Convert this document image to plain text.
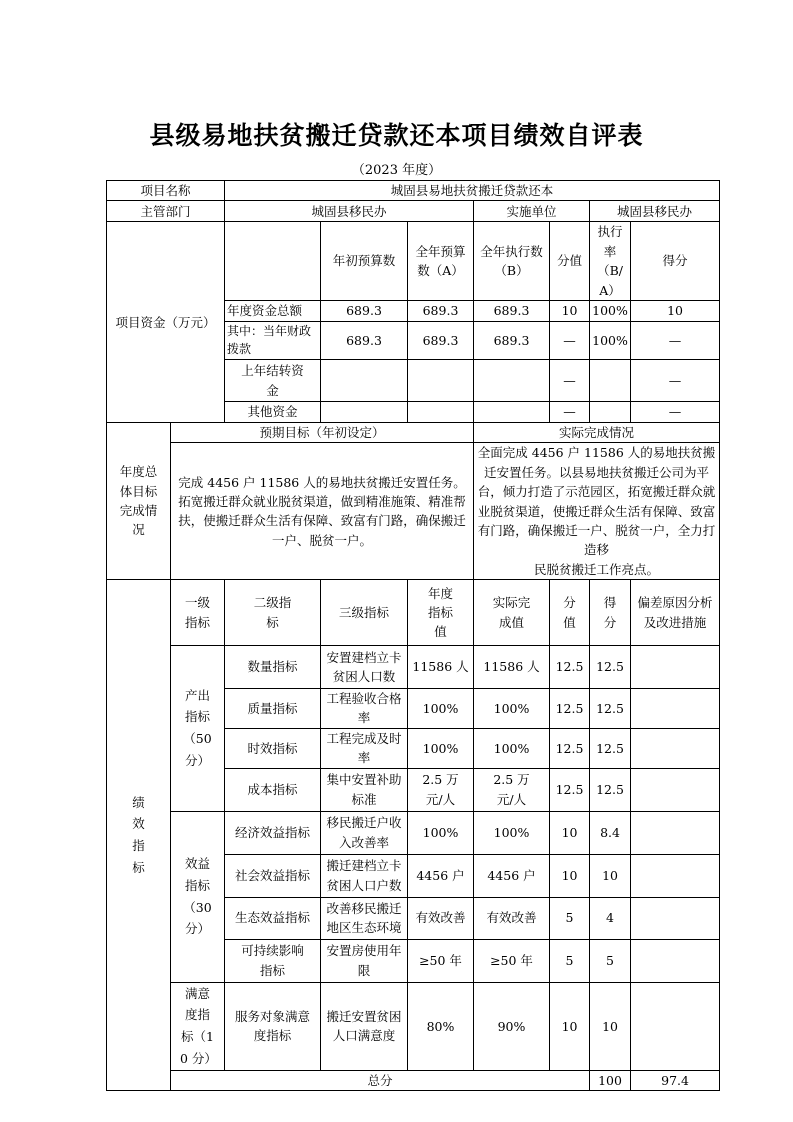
县级易地扶贫搬迁贷款还本项目绩效自评表
（2023 年度）
项目名称		城固县易地扶贫搬迁贷款还本							
主管部门		城固县移民办			实施单位		城固县移民办		
项目资金（万元）			年初预算数	全年预算数（A）	全年执行数（B）	分值	执行率（B/A）	得分	
		年度资金总额	689.3	689.3	689.3	10	100%	10	
		其中：当年财政拨款	689.3	689.3	689.3	—	100%	—	
		上年结转资金				—		—	
		其他资金				—		—	
年度总体目标完成情况	预期目标（年初设定）				实际完成情况				
	完成 4456 户 11586 人的易地扶贫搬迁安置任务。拓宽搬迁群众就业脱贫渠道，做到精准施策、精准帮扶，使搬迁群众生活有保障、致富有门路，确保搬迁一户、脱贫一户。				全面完成 4456 户 11586 人的易地扶贫搬迁安置任务。以县易地扶贫搬迁公司为平台，倾力打造了示范园区，拓宽搬迁群众就业脱贫渠道，使搬迁群众生活有保障、致富有门路，确保搬迁一户、脱贫一户，全力打造移
民脱贫搬迁工作亮点。				

绩效指标	一级指标	二级指标	三级指标	年度指标值	实际完成值	分值	得分	偏差原因分析及改进措施	
	产出指标（50 分）	数量指标	安置建档立卡贫困人口数	11586 人	11586 人	12.5	12.5		
		质量指标	工程验收合格率	100%	100%	12.5	12.5		
		时效指标	工程完成及时率	100%	100%	12.5	12.5		
		成本指标	集中安置补助标准	2.5 万元/人	2.5 万元/人	12.5	12.5		
	效益指标（30 分）	经济效益指标	移民搬迁户收入改善率	100%	100%	10	8.4		
		社会效益指标	搬迁建档立卡贫困人口户数	4456 户	4456 户	10	10		
		生态效益指标	改善移民搬迁地区生态环境	有效改善	有效改善	5	4		
		可持续影响指标	安置房使用年限	≥50 年	≥50 年	5	5		
	满意度指标（10 分）	服务对象满意度指标	搬迁安置贫困人口满意度	80%	90%	10	10		
	总分						100	97.4	
